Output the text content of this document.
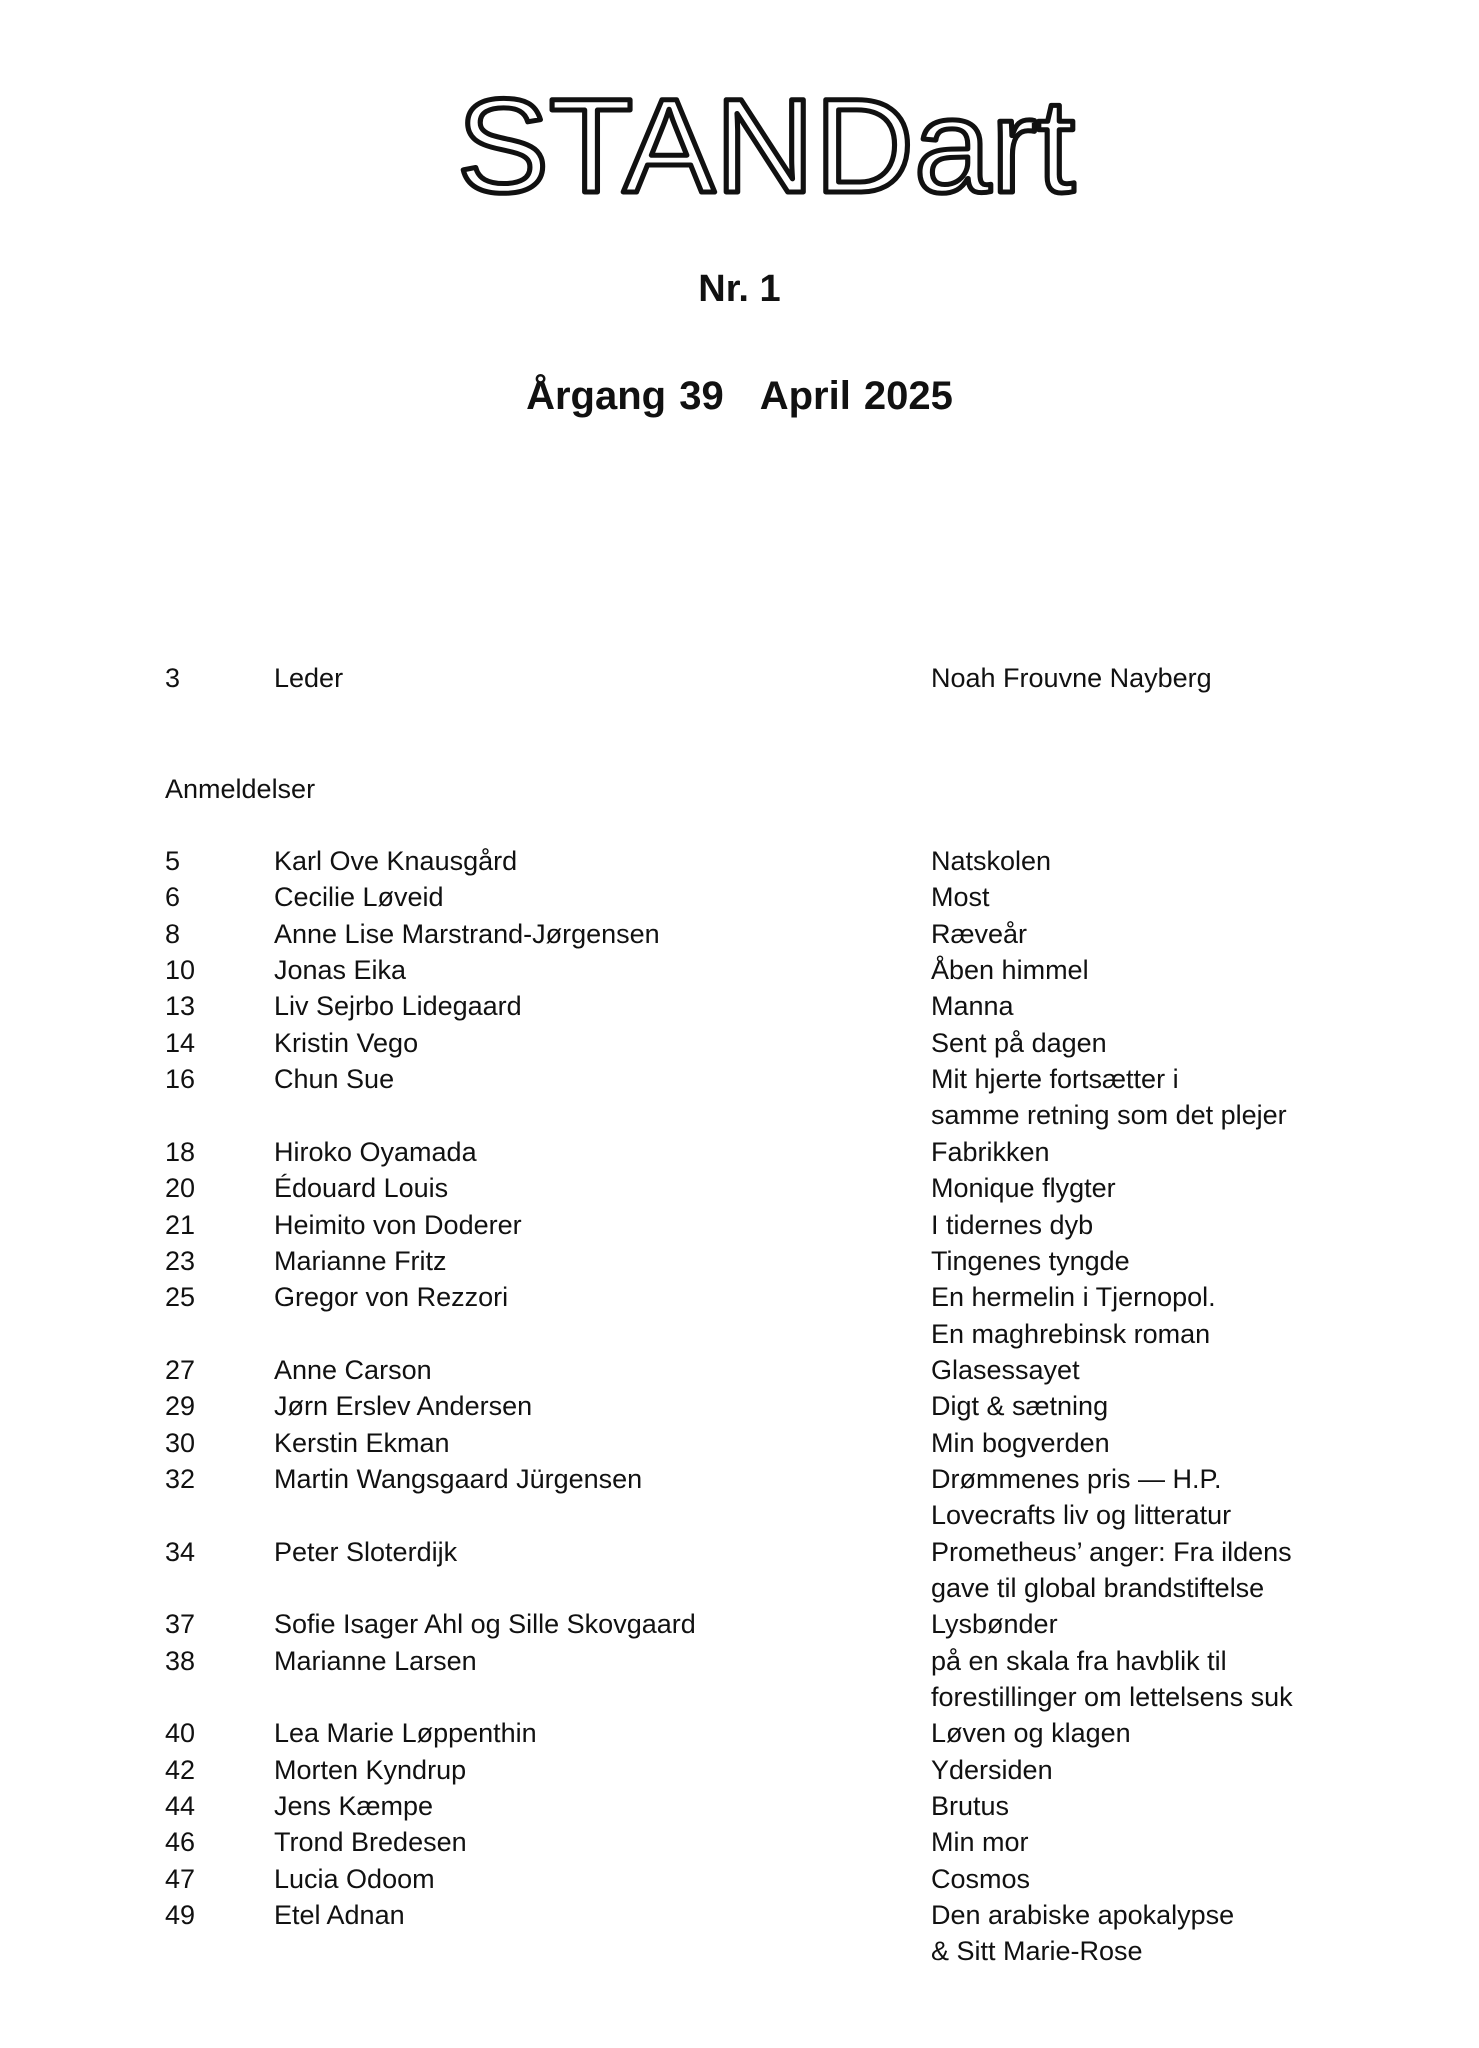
STANDart
Nr. 1
Årgang 39 April 2025
3	Leder	Noah Frouvne Nayberg
Anmeldelser
5	Karl Ove Knausgård	Natskolen
6	Cecilie Løveid	Most
8	Anne Lise Marstrand-Jørgensen	Ræveår
10	Jonas Eika	Åben himmel
13	Liv Sejrbo Lidegaard	Manna
14	Kristin Vego	Sent på dagen
16	Chun Sue	Mit hjerte fortsætter i
samme retning som det plejer
18	Hiroko Oyamada	Fabrikken
20	Édouard Louis	Monique flygter
21	Heimito von Doderer	I tidernes dyb
23	Marianne Fritz	Tingenes tyngde
25	Gregor von Rezzori	En hermelin i Tjernopol.
En maghrebinsk roman
27	Anne Carson	Glasessayet
29	Jørn Erslev Andersen	Digt & sætning
30	Kerstin Ekman	Min bogverden
32	Martin Wangsgaard Jürgensen	Drømmenes pris — H.P.
Lovecrafts liv og litteratur
34	Peter Sloterdijk	Prometheus’ anger: Fra ildens
gave til global brandstiftelse
37	Sofie Isager Ahl og Sille Skovgaard	Lysbønder
38	Marianne Larsen	på en skala fra havblik til
forestillinger om lettelsens suk
40	Lea Marie Løppenthin	Løven og klagen
42	Morten Kyndrup	Ydersiden
44	Jens Kæmpe	Brutus
46	Trond Bredesen	Min mor
47	Lucia Odoom	Cosmos
49	Etel Adnan	Den arabiske apokalypse
& Sitt Marie-Rose
